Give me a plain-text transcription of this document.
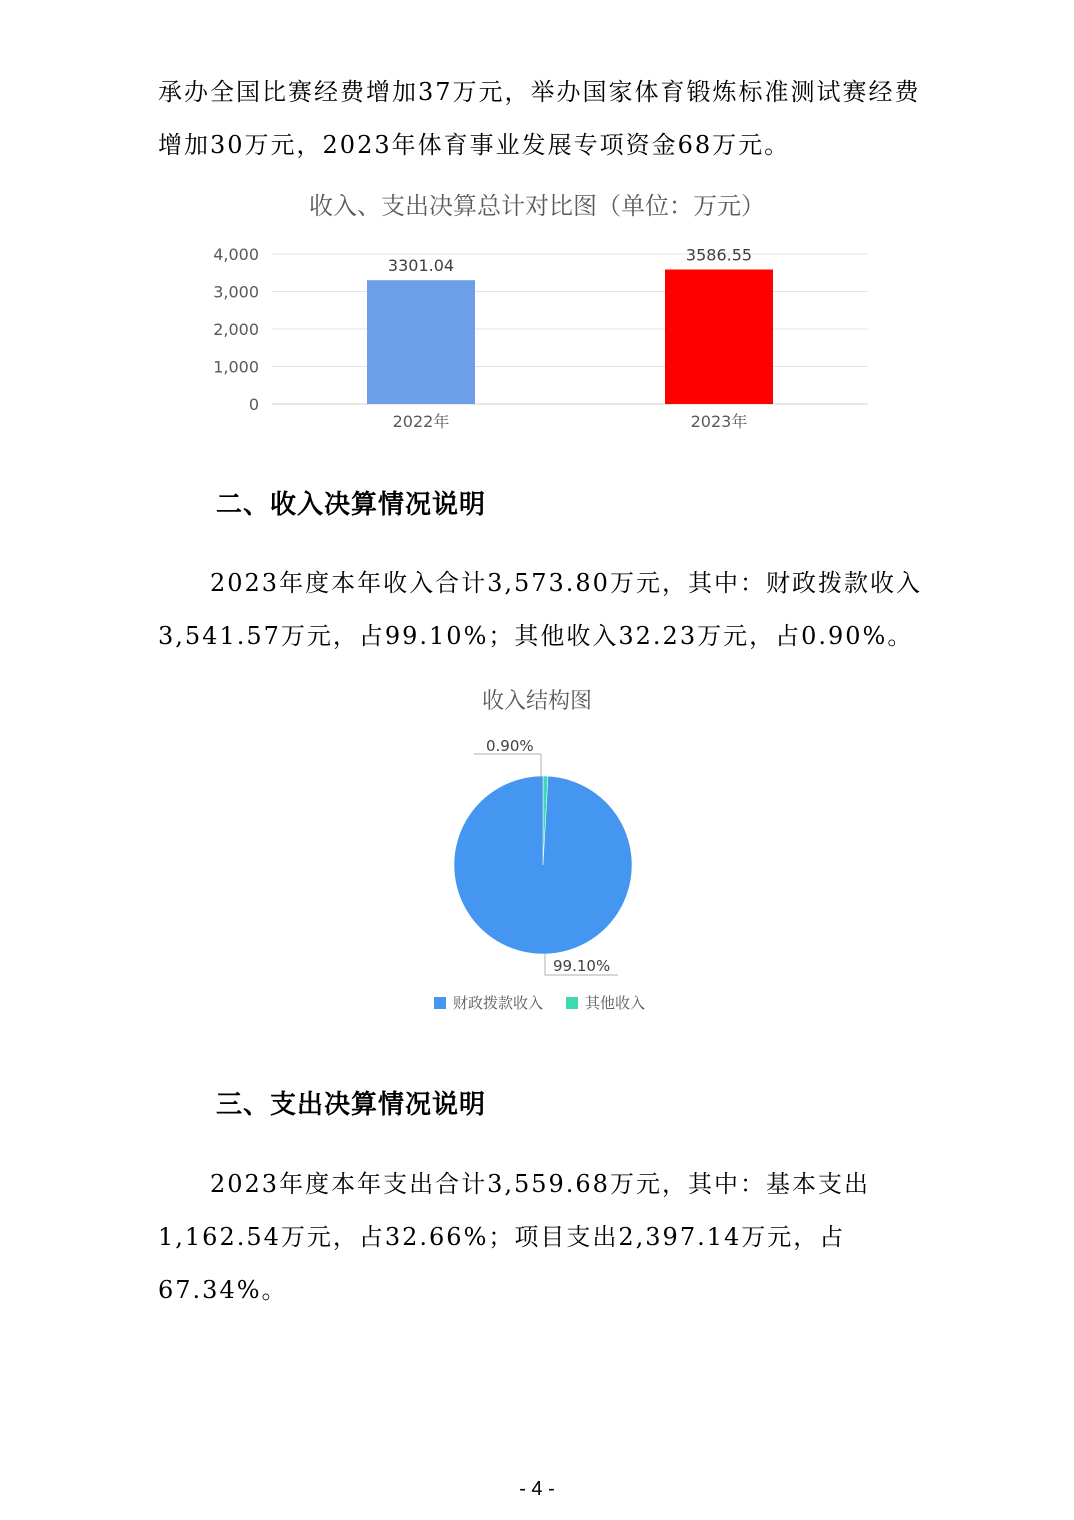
承办全国比赛经费增加37万元，举办国家体育锻炼标准测试赛经费增加30万元，2023年体育事业发展专项资金68万元。

收入、支出决算总计对比图（单位：万元）
0
1,000
2,000
3,000
4,000
3301.04
2022年
3586.55
2023年
0.90%
99.10%
财政拨款收入	其他收入
二、收入决算情况说明

2023年度本年收入合计3,573.80万元，其中：财政拨款收入3,541.57万元，占99.10%；其他收入32.23万元，占0.90%。

收入结构图
三、支出决算情况说明

2023年度本年支出合计3,559.68万元，其中：基本支出1,162.54万元，占32.66%；项目支出2,397.14万元，占67.34%。

- 4 -
